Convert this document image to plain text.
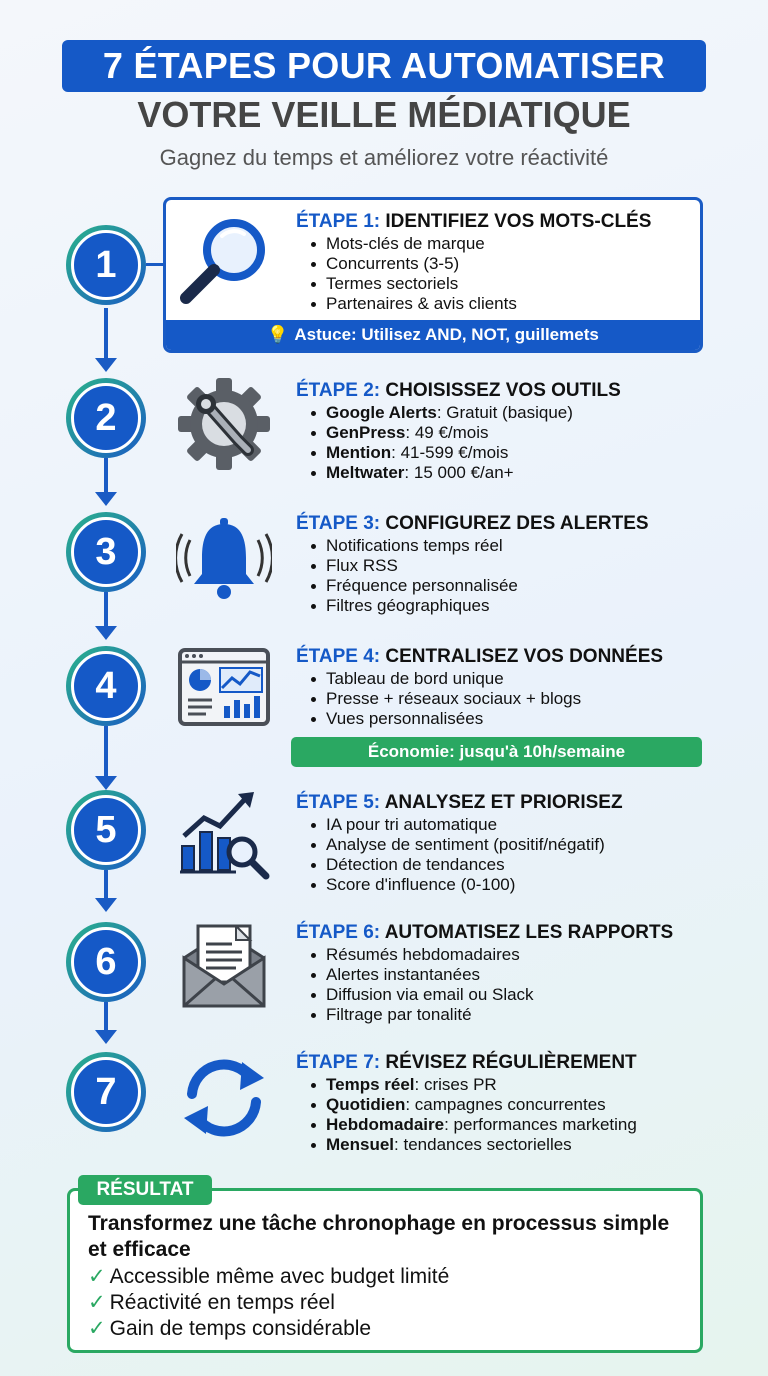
7 ÉTAPES POUR AUTOMATISER
VOTRE VEILLE MÉDIATIQUE
Gagnez du temps et améliorez votre réactivité
1
💡 Astuce: Utilisez AND, NOT, guillemets
ÉTAPE 1: IDENTIFIEZ VOS MOTS-CLÉS
Mots-clés de marque
Concurrents (3-5)
Termes sectoriels
Partenaires & avis clients
2
ÉTAPE 2: CHOISISSEZ VOS OUTILS
Google Alerts: Gratuit (basique)
GenPress: 49 €/mois
Mention: 41-599 €/mois
Meltwater: 15 000 €/an+
3
ÉTAPE 3: CONFIGUREZ DES ALERTES
Notifications temps réel
Flux RSS
Fréquence personnalisée
Filtres géographiques
4
ÉTAPE 4: CENTRALISEZ VOS DONNÉES
Tableau de bord unique
Presse + réseaux sociaux + blogs
Vues personnalisées
Économie: jusqu'à 10h/semaine
5
ÉTAPE 5: ANALYSEZ ET PRIORISEZ
IA pour tri automatique
Analyse de sentiment (positif/négatif)
Détection de tendances
Score d'influence (0-100)
6
ÉTAPE 6: AUTOMATISEZ LES RAPPORTS
Résumés hebdomadaires
Alertes instantanées
Diffusion via email ou Slack
Filtrage par tonalité
7
ÉTAPE 7: RÉVISEZ RÉGULIÈREMENT
Temps réel: crises PR
Quotidien: campagnes concurrentes
Hebdomadaire: performances marketing
Mensuel: tendances sectorielles
RÉSULTAT
Transformez une tâche chronophage en processus simple et efficace
✓ Accessible même avec budget limité
✓ Réactivité en temps réel
✓ Gain de temps considérable
